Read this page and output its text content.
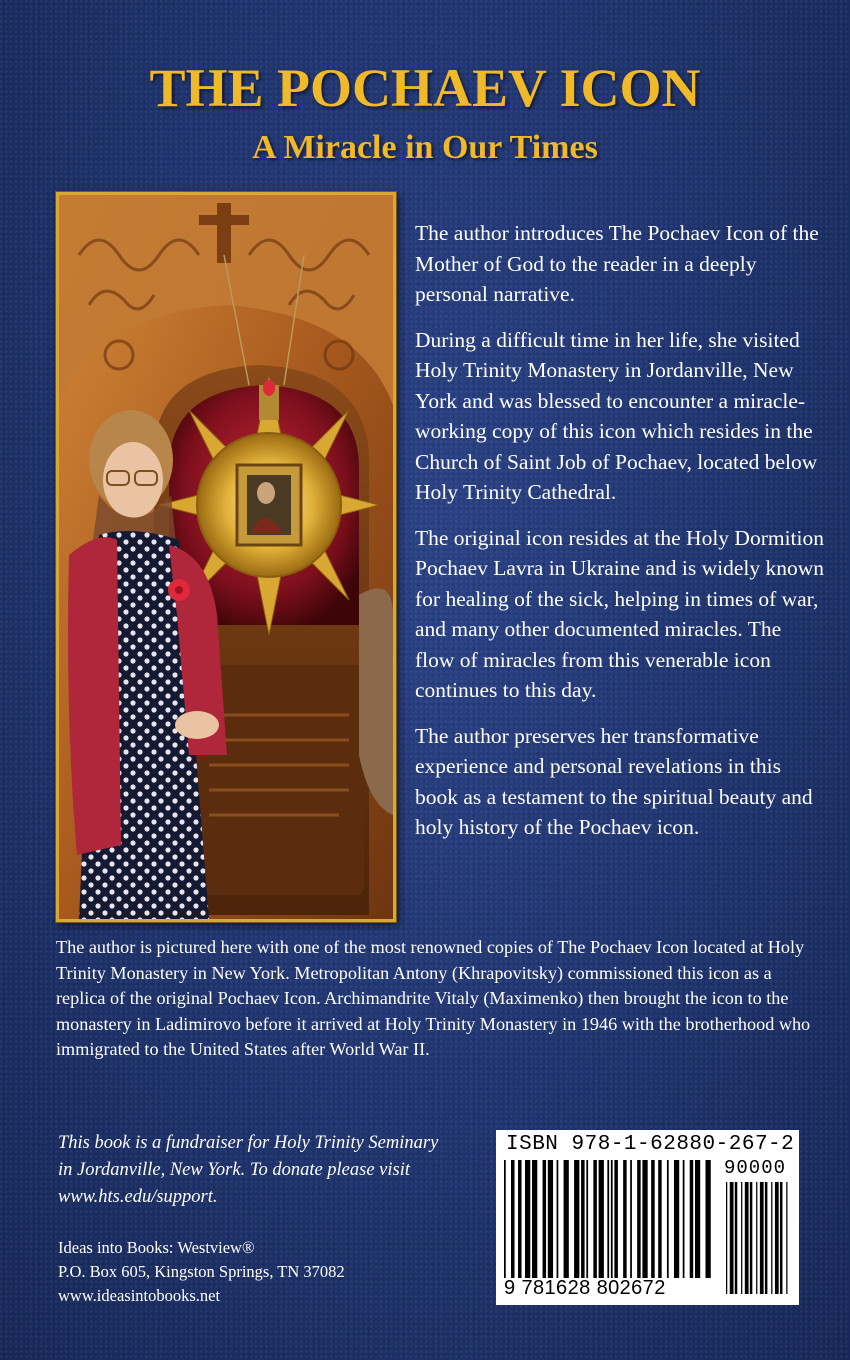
THE POCHAEV ICON
A Miracle in Our Times

The author introduces The Pochaev Icon of the Mother of God to the reader in a deeply personal narrative.

During a difficult time in her life, she visited Holy Trinity Monastery in Jordanville, New York and was blessed to encounter a miracle-working copy of this icon which resides in the Church of Saint Job of Pochaev, located below Holy Trinity Cathedral.

The original icon resides at the Holy Dormition Pochaev Lavra in Ukraine and is widely known for healing of the sick, helping in times of war, and many other documented miracles. The flow of miracles from this venerable icon continues to this day.

The author preserves her transformative experience and personal revelations in this book as a testament to the spiritual beauty and holy history of the Pochaev icon.

The author is pictured here with one of the most renowned copies of The Pochaev Icon located at Holy Trinity Monastery in New York. Metropolitan Antony (Khrapovitsky) commissioned this icon as a replica of the original Pochaev Icon. Archimandrite Vitaly (Maximenko) then brought the icon to the monastery in Ladimirovo before it arrived at Holy Trinity Monastery in 1946 with the brotherhood who immigrated to the United States after World War II.

This book is a fundraiser for Holy Trinity Seminary

in Jordanville, New York. To donate please visit

www.hts.edu/support.

Ideas into Books: Westview®
P.O. Box 605, Kingston Springs, TN 37082
www.ideasintobooks.net
ISBN 978-1-62880-267-2
90000
9 781628 802672
